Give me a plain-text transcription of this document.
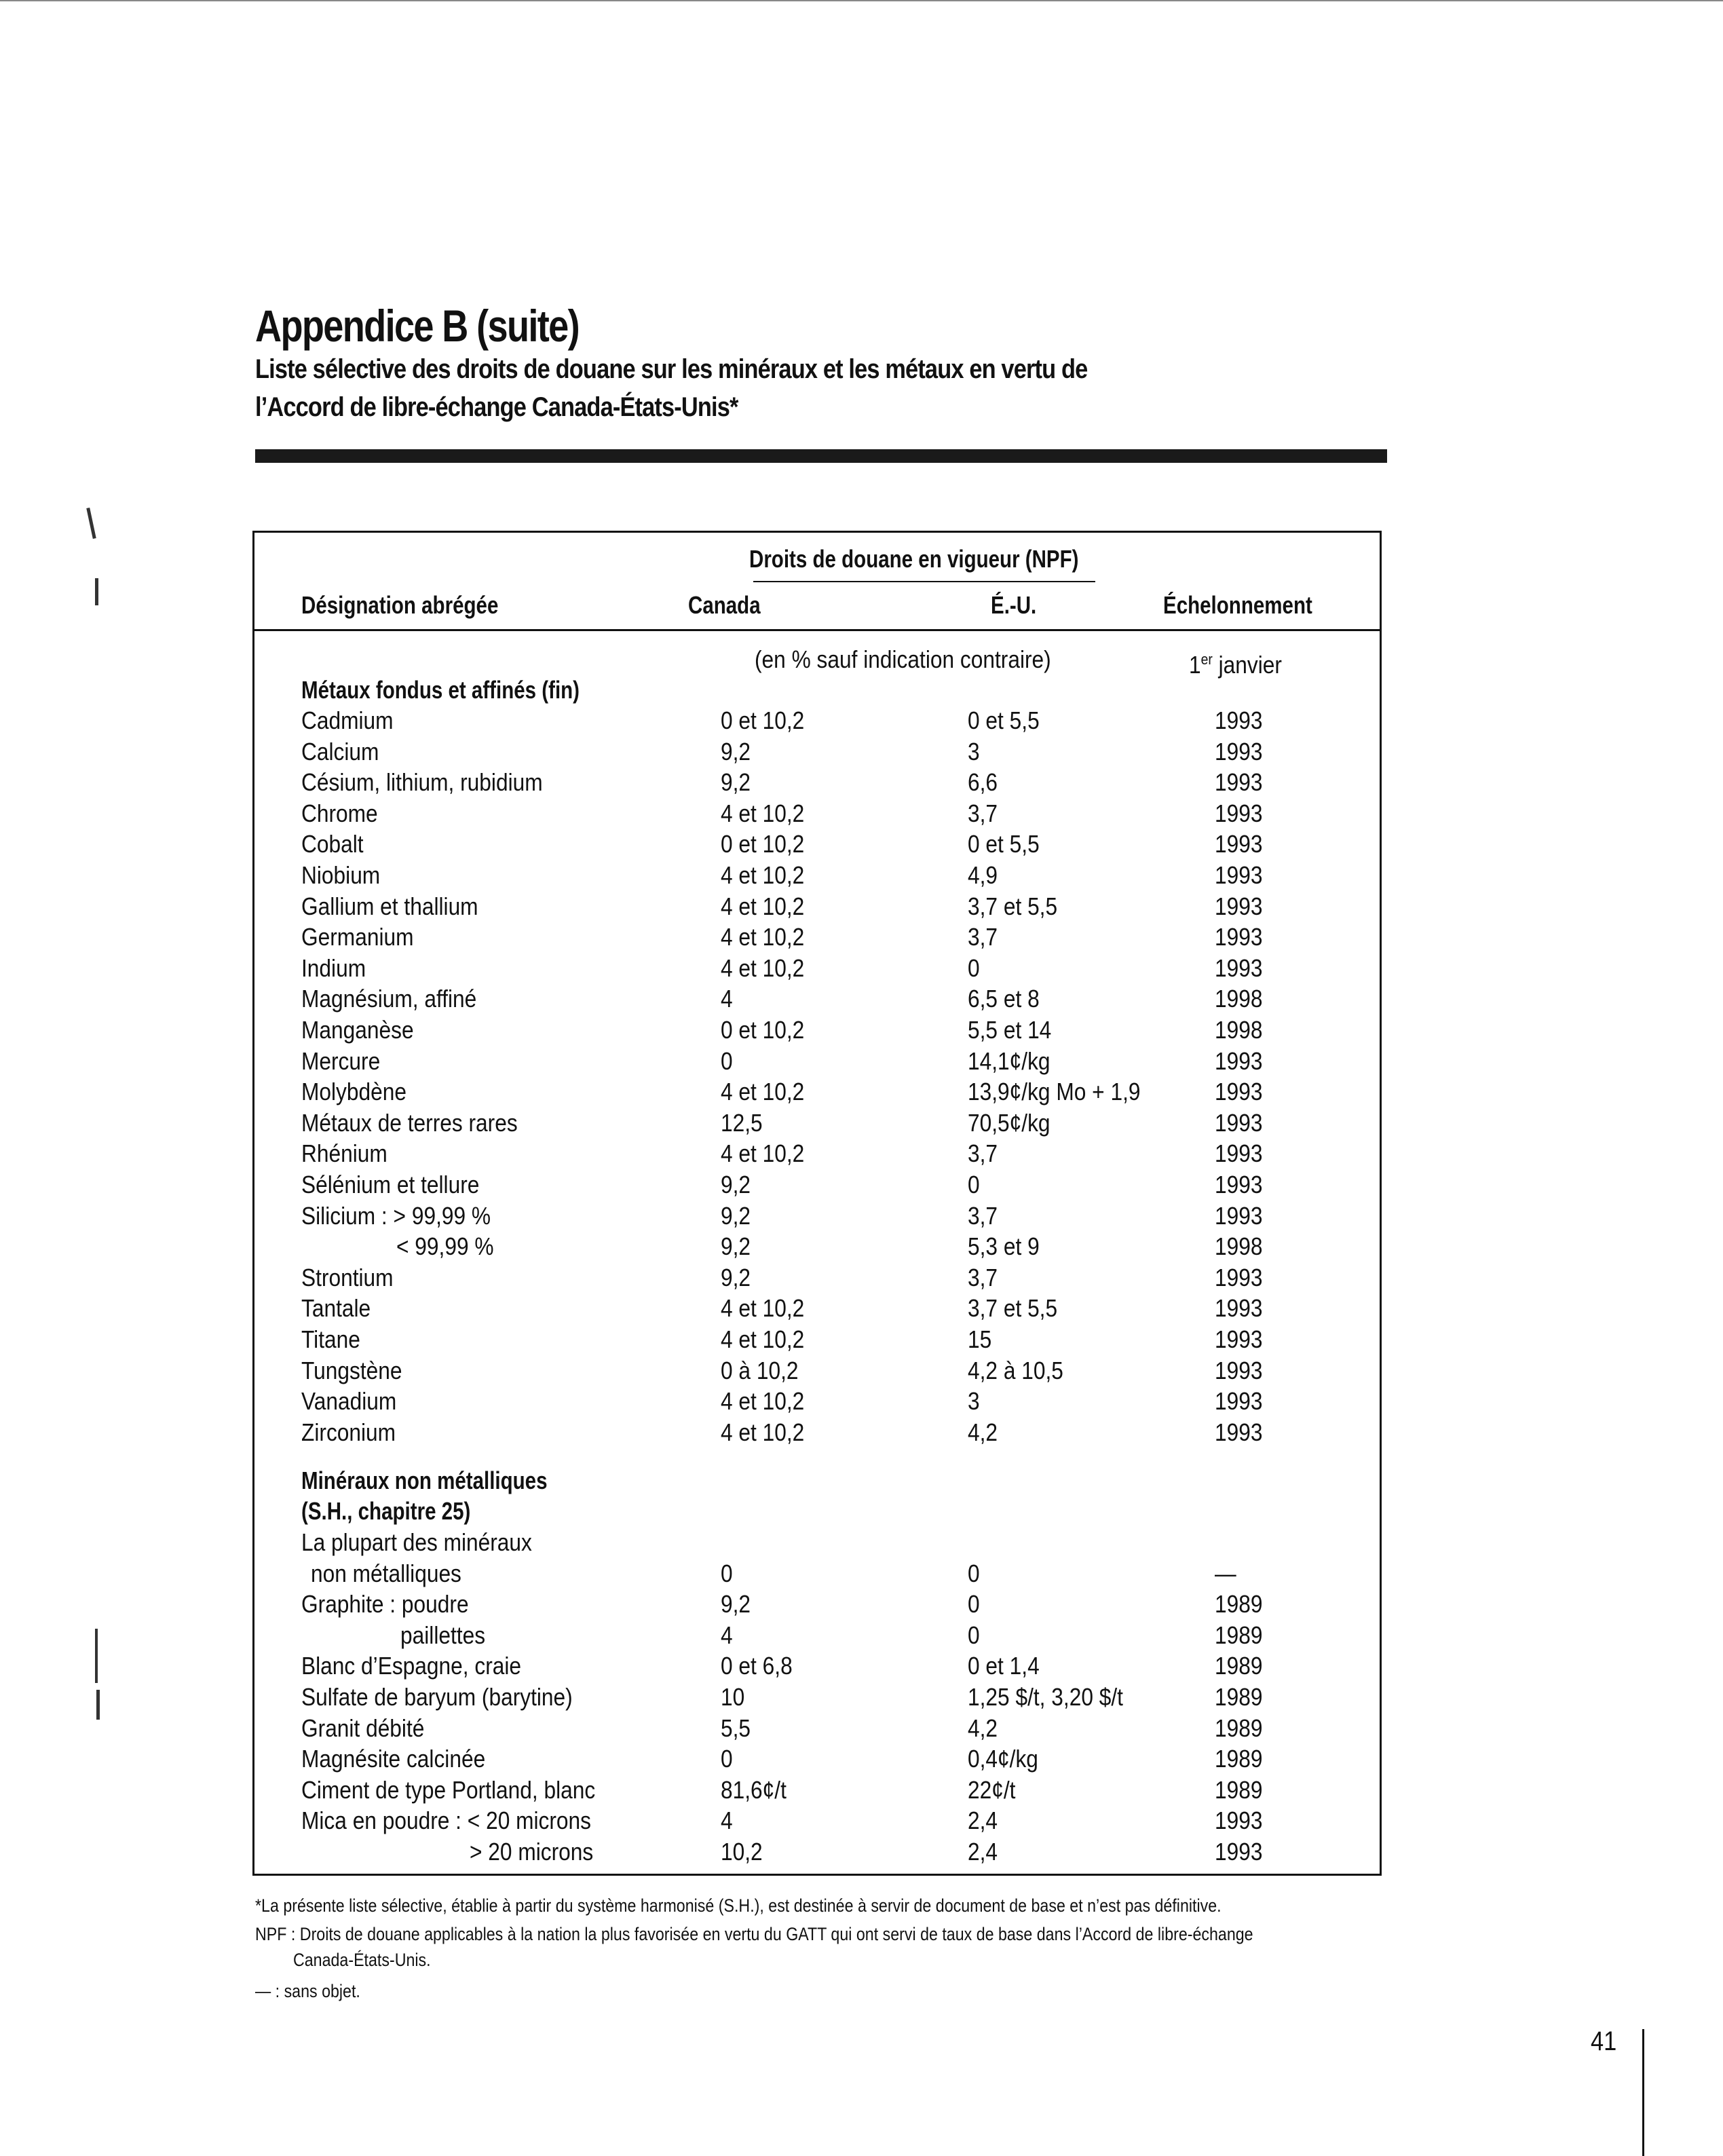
Appendice B (suite)
Liste sélective des droits de douane sur les minéraux et les métaux en vertu de
l’Accord de libre-échange Canada-États-Unis*
Droits de douane en vigueur (NPF)
Désignation abrégée	Canada	É.-U.	Échelonnement
(en % sauf indication contraire)	1er janvier
Métaux fondus et affinés (fin)
Cadmium	0 et 10,2	0 et 5,5	1993
Calcium	9,2	3	1993
Césium, lithium, rubidium	9,2	6,6	1993
Chrome	4 et 10,2	3,7	1993
Cobalt	0 et 10,2	0 et 5,5	1993
Niobium	4 et 10,2	4,9	1993
Gallium et thallium	4 et 10,2	3,7 et 5,5	1993
Germanium	4 et 10,2	3,7	1993
Indium	4 et 10,2	0	1993
Magnésium, affiné	4	6,5 et 8	1998
Manganèse	0 et 10,2	5,5 et 14	1998
Mercure	0	14,1¢/kg	1993
Molybdène	4 et 10,2	13,9¢/kg Mo + 1,9	1993
Métaux de terres rares	12,5	70,5¢/kg	1993
Rhénium	4 et 10,2	3,7	1993
Sélénium et tellure	9,2	0	1993
Silicium : > 99,99 %	9,2	3,7	1993
< 99,99 %	9,2	5,3 et 9	1998
Strontium	9,2	3,7	1993
Tantale	4 et 10,2	3,7 et 5,5	1993
Titane	4 et 10,2	15	1993
Tungstène	0 à 10,2	4,2 à 10,5	1993
Vanadium	4 et 10,2	3	1993
Zirconium	4 et 10,2	4,2	1993
Minéraux non métalliques
(S.H., chapitre 25)
La plupart des minéraux
non métalliques	0	0	—
Graphite : poudre	9,2	0	1989
paillettes	4	0	1989
Blanc d’Espagne, craie	0 et 6,8	0 et 1,4	1989
Sulfate de baryum (barytine)	10	1,25 $/t, 3,20 $/t	1989
Granit débité	5,5	4,2	1989
Magnésite calcinée	0	0,4¢/kg	1989
Ciment de type Portland, blanc	81,6¢/t	22¢/t	1989
Mica en poudre : < 20 microns	4	2,4	1993
> 20 microns	10,2	2,4	1993
*La présente liste sélective, établie à partir du système harmonisé (S.H.), est destinée à servir de document de base et n’est pas définitive.
NPF : Droits de douane applicables à la nation la plus favorisée en vertu du GATT qui ont servi de taux de base dans l’Accord de libre-échange
Canada-États-Unis.
— : sans objet.
41
